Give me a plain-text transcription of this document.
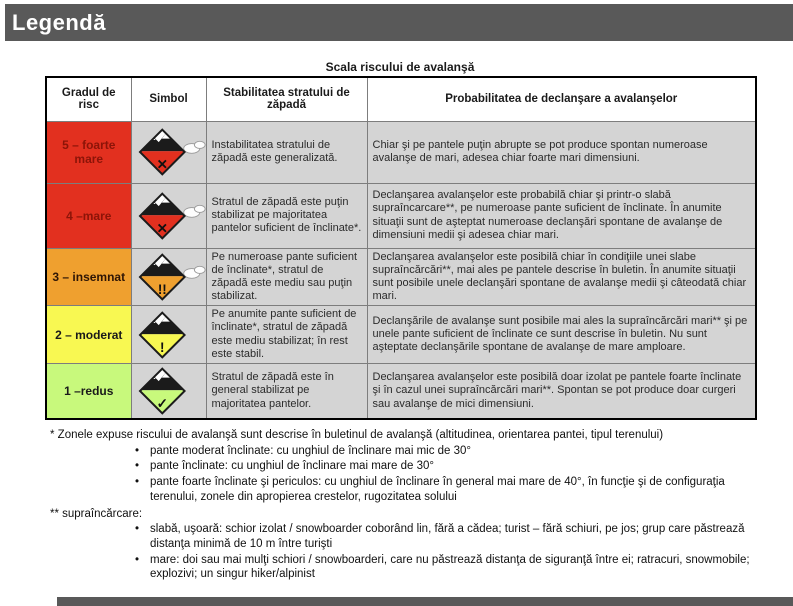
Legendă

Scala riscului de avalanşă

Gradul de risc	Simbol	Stabilitatea stratului de zăpadă	Probabilitatea de declanşare a avalanşelor
5 – foarte mare	✕	Instabilitatea stratului de zăpadă este generalizată.	Chiar şi pe pantele puţin abrupte se pot produce spontan numeroase avalanşe de mari, adesea chiar foarte mari dimensiuni.
4 –mare	✕	Stratul de zăpadă este puţin stabilizat pe majoritatea pantelor suficient de înclinate*.	Declanşarea avalanşelor este probabilă chiar şi printr-o slabă supraîncarcare**, pe numeroase pante suficient de înclinate. În anumite situaţii sunt de aşteptat numeroase declanşări spontane de avalanşe de dimensiuni medii şi adesea chiar mari.
3 – insemnat	!!	Pe numeroase pante suficient de înclinate*, stratul de zăpadă este mediu sau puţin stabilizat.	Declanşarea avalanşelor este posibilă chiar în condiţiile unei slabe supraîncărcări**, mai ales pe pantele descrise în buletin. În anumite situaţii sunt posibile unele declanşări spontane de avalanşe medii şi câteodată chiar mari.
2 – moderat	!	Pe anumite pante suficient de înclinate*, stratul de zăpadă este mediu stabilizat; în rest este stabil.	Declanşările de avalanşe sunt posibile mai ales la supraîncărcări mari** şi pe unele pante suficient de înclinate ce sunt descrise în buletin. Nu sunt aşteptate declanşările spontane de avalanşe de mare amploare.
1 –redus	✓	Stratul de zăpadă este în general stabilizat pe majoritatea pantelor.	Declanşarea avalanşelor este posibilă doar izolat pe pantele foarte înclinate şi în cazul unei supraîncărcări mari**. Spontan se pot produce doar curgeri sau avalanşe de mici dimensiuni.

* Zonele expuse riscului de avalanşă sunt descrise în buletinul de avalanşă (altitudinea, orientarea pantei, tipul terenului)

• pante moderat înclinate: cu unghiul de înclinare mai mic de 30°
• pante înclinate: cu unghiul de înclinare mai mare de 30°
• pante foarte înclinate şi periculos: cu unghiul de înclinare în general mai mare de 40°, în funcţie şi de configuraţia terenului, zonele din apropierea crestelor, rugozitatea solului

** supraîncărcare:

• slabă, uşoară: schior izolat / snowboarder coborând lin, fără a cădea; turist – fără schiuri, pe jos; grup care păstrează distanţa minimă de 10 m între turişti
• mare: doi sau mai mulţi schiori / snowboarderi, care nu păstrează distanţa de siguranţă între ei; ratracuri, snowmobile; explozivi; un singur hiker/alpinist
